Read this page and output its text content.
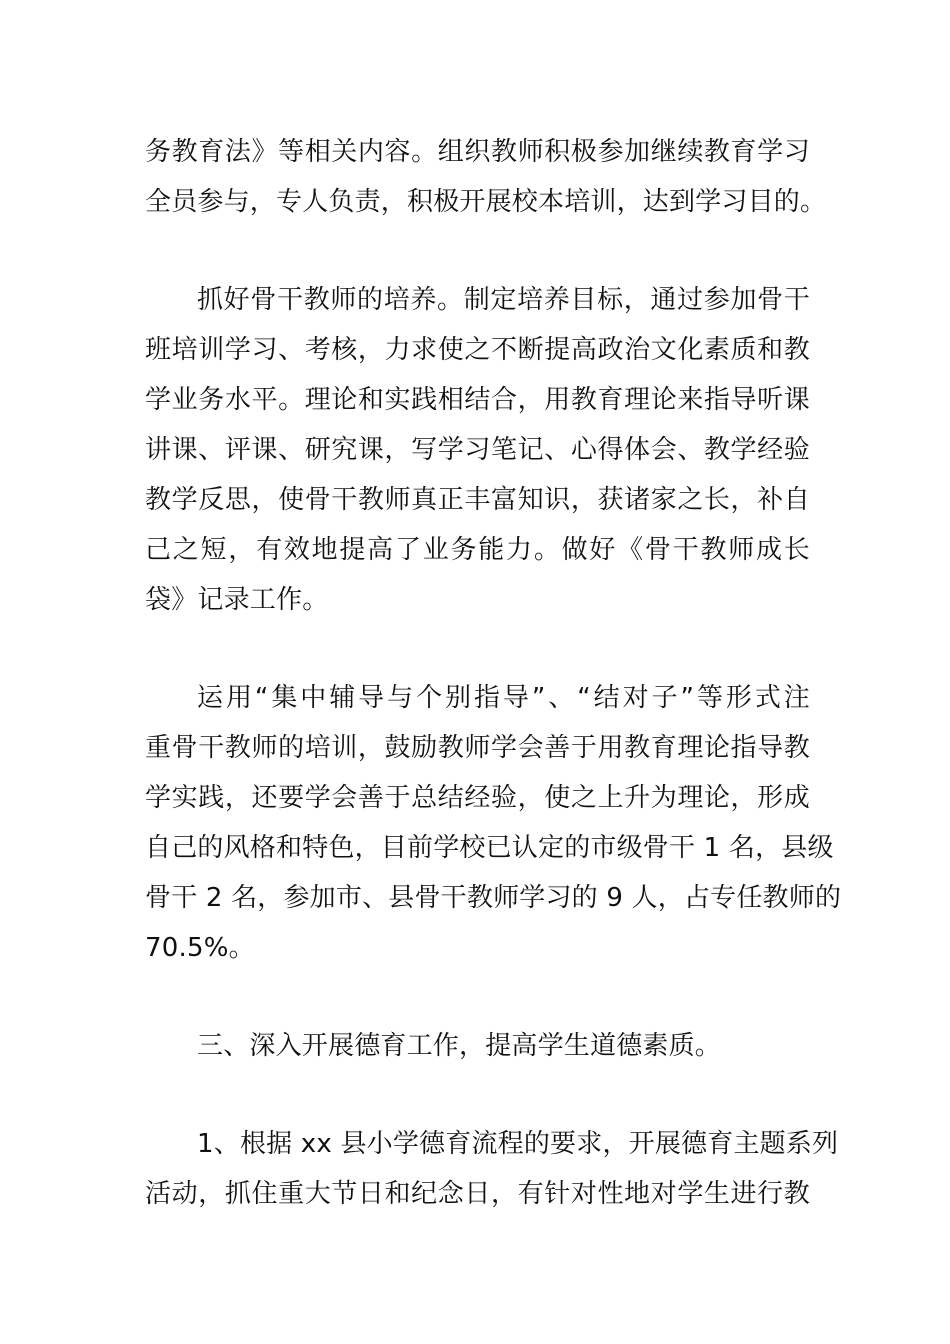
务教育法》等相关内容。组织教师积极参加继续教育学习
全员参与，专人负责，积极开展校本培训，达到学习目的。
抓好骨干教师的培养。制定培养目标，通过参加骨干
班培训学习、考核，力求使之不断提高政治文化素质和教
学业务水平。理论和实践相结合，用教育理论来指导听课
讲课、评课、研究课，写学习笔记、心得体会、教学经验
教学反思，使骨干教师真正丰富知识，获诸家之长，补自
己之短，有效地提高了业务能力。做好《骨干教师成长
袋》记录工作。
运用“集中辅导与个别指导”、“结对子”等形式注
重骨干教师的培训，鼓励教师学会善于用教育理论指导教
学实践，还要学会善于总结经验，使之上升为理论，形成
自己的风格和特色，目前学校已认定的市级骨干 1 名，县级
骨干 2 名，参加市、县骨干教师学习的 9 人，占专任教师的
70.5%。
三、深入开展德育工作，提高学生道德素质。
1、根据 xx 县小学德育流程的要求，开展德育主题系列
活动，抓住重大节日和纪念日，有针对性地对学生进行教
